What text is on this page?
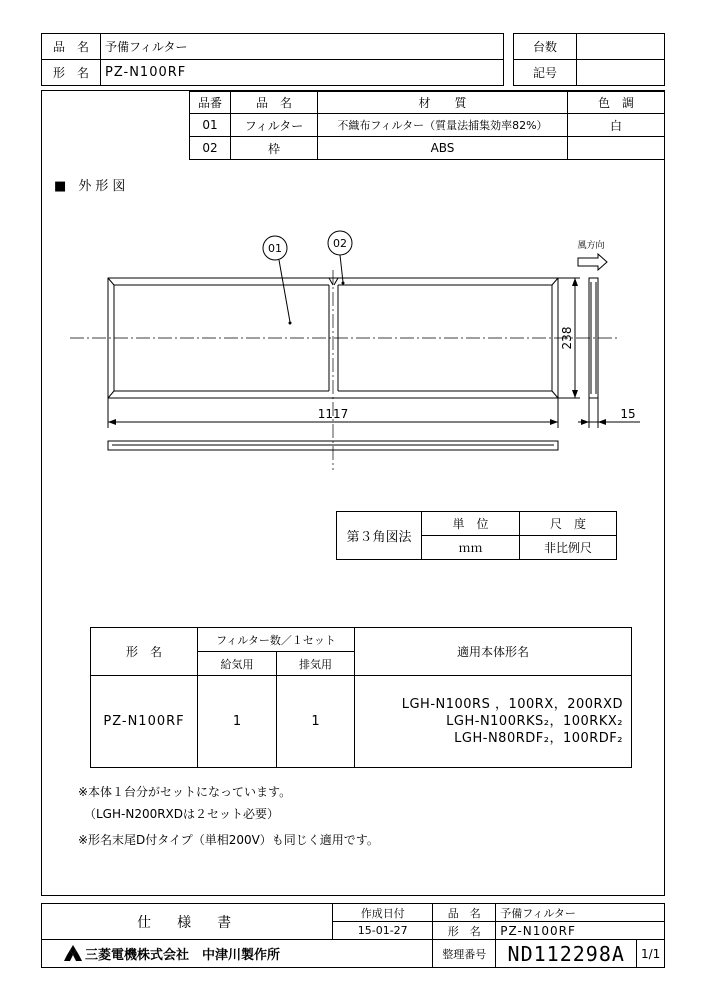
品　名	予備フィルター
形　名	PZ-N100RF
台数	
記号	
品番	品　名	材　　質	色　調
01	フィルター	不織布フィルター（質量法捕集効率82%）	白
02	枠	ABS	
■ 外形図
01	02	風方向
1117	15
238
第３角図法	単　位	尺　度
	ｍｍ	非比例尺
形　名	フィルター数／１セット		適用本体形名
	給気用	排気用	
PZ-N100RF	1	1	LGH-N100RS ，100RX，200RXD
LGH-N100RKS₂，100RKX₂
LGH-N80RDF₂，100RDF₂
※本体１台分がセットになっています。
（LGH-N200RXDは２セット必要）
※形名末尾D付タイプ（単相200V）も同じく適用です。
仕　様　書	作成日付	品　名	予備フィルター	
	15-01-27	形　名	PZ-N100RF	
三菱電機株式会社　中津川製作所		整理番号	ND112298A	1/1
